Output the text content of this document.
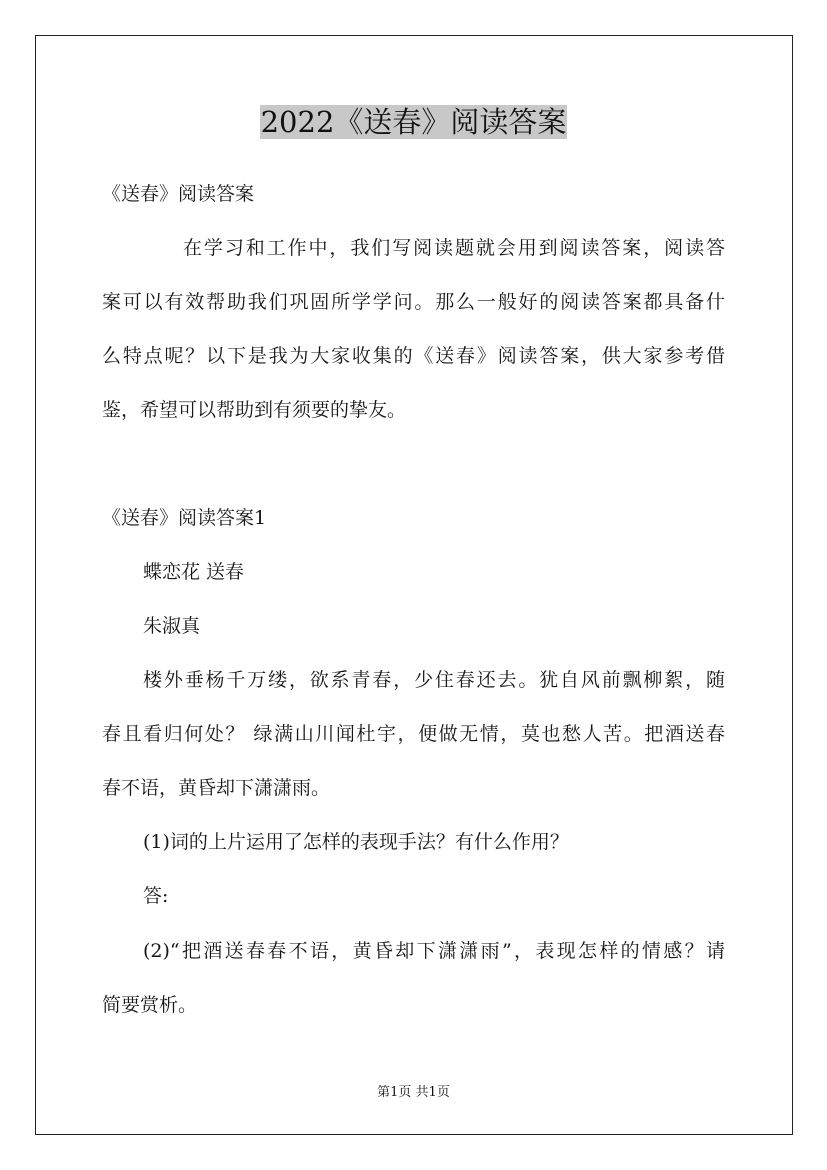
2022《送春》阅读答案
《送春》阅读答案
在学习和工作中，我们写阅读题就会用到阅读答案，阅读答
案可以有效帮助我们巩固所学学问。那么一般好的阅读答案都具备什
么特点呢？以下是我为大家收集的《送春》阅读答案，供大家参考借
鉴，希望可以帮助到有须要的挚友。
《送春》阅读答案1
蝶恋花 送春
朱淑真
楼外垂杨千万缕，欲系青春，少住春还去。犹自风前飘柳絮，随
春且看归何处？ 绿满山川闻杜宇，便做无情，莫也愁人苦。把酒送春
春不语，黄昏却下潇潇雨。
(1)词的上片运用了怎样的表现手法？有什么作用？
答:
(2)“把酒送春春不语，黄昏却下潇潇雨”，表现怎样的情感？请
简要赏析。
第1页 共1页
